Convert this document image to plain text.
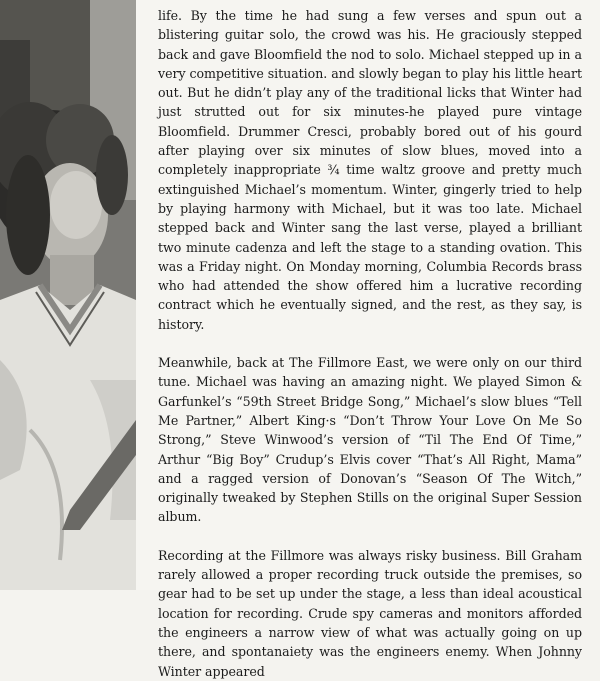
life. By the time he had sung a few verses and spun out a blistering guitar solo, the crowd was his. He graciously stepped back and gave Bloomfield the nod to solo. Michael stepped up in a very competitive situation. and slowly began to play his little heart out. But he didn’t play any of the traditional licks that Winter had just strutted out for six minutes-he played pure vintage Bloomfield. Drummer Cresci, probably bored out of his gourd after playing over six minutes of slow blues, moved into a completely inappropriate ¾ time waltz groove and pretty much extinguished Michael’s momentum. Winter, gingerly tried to help by playing harmony with Michael, but it was too late. Michael stepped back and Winter sang the last verse, played a brilliant two minute cadenza and left the stage to a standing ovation. This was a Friday night. On Monday morning, Columbia Records brass who had attended the show offered him a lucrative recording contract which he eventually signed, and the rest, as they say, is history.

Meanwhile, back at The Fillmore East, we were only on our third tune. Michael was having an amazing night. We played Simon & Garfunkel’s “59th Street Bridge Song,” Michael’s slow blues “Tell Me Partner,” Albert King·s “Don’t Throw Your Love On Me So Strong,” Steve Winwood’s version of “Til The End Of Time,” Arthur “Big Boy” Crudup’s Elvis cover “That’s All Right, Mama” and a ragged version of Donovan’s “Season Of The Witch,” originally tweaked by Stephen Stills on the original Super Session album.

Recording at the Fillmore was always risky business. Bill Graham rarely allowed a proper recording truck outside the premises, so gear had to be set up under the stage, a less than ideal acoustical location for recording. Crude spy cameras and monitors afforded the engineers a narrow view of what was actually going on up there, and spontanaiety was the engineers enemy. When Johnny Winter appeared
